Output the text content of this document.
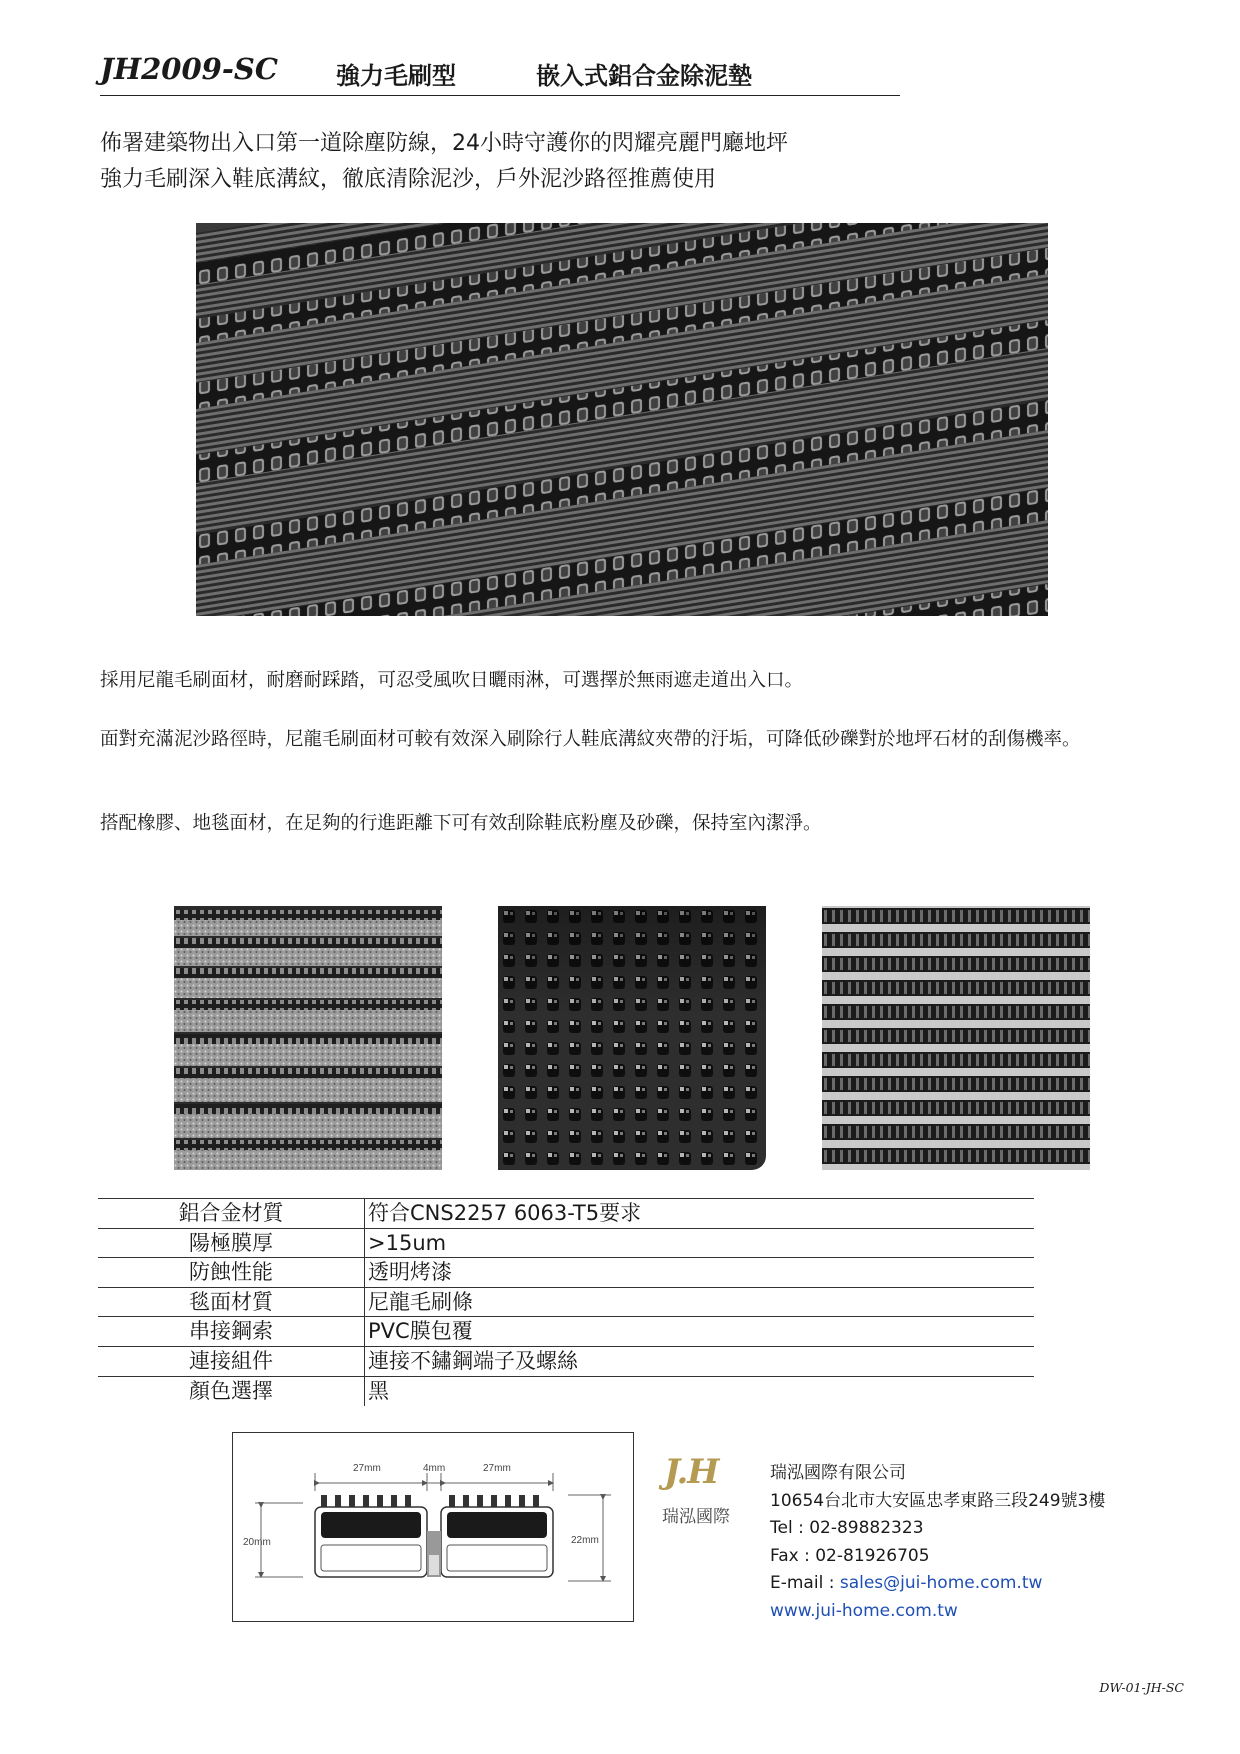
JH2009-SC 強力毛刷型	嵌入式鋁合金除泥墊
佈署建築物出入口第一道除塵防線，24小時守護你的閃耀亮麗門廳地坪
強力毛刷深入鞋底溝紋，徹底清除泥沙，戶外泥沙路徑推薦使用
採用尼龍毛刷面材，耐磨耐踩踏，可忍受風吹日曬雨淋，可選擇於無雨遮走道出入口。
面對充滿泥沙路徑時，尼龍毛刷面材可較有效深入刷除行人鞋底溝紋夾帶的汙垢，可降低砂礫對於地坪石材的刮傷機率。
搭配橡膠、地毯面材，在足夠的行進距離下可有效刮除鞋底粉塵及砂礫，保持室內潔淨。
鋁合金材質	符合CNS2257 6063-T5要求
陽極膜厚	>15um
防蝕性能	透明烤漆
毯面材質	尼龍毛刷條
串接鋼索	PVC膜包覆
連接組件	連接不鏽鋼端子及螺絲
顏色選擇	黑
27mm	4mm	27mm
20mm	22mm
J.H
瑞泓國際
瑞泓國際有限公司
10654台北市大安區忠孝東路三段249號3樓
Tel : 02-89882323
Fax : 02-81926705
E-mail : sales@jui-home.com.tw
www.jui-home.com.tw
DW-01-JH-SC
